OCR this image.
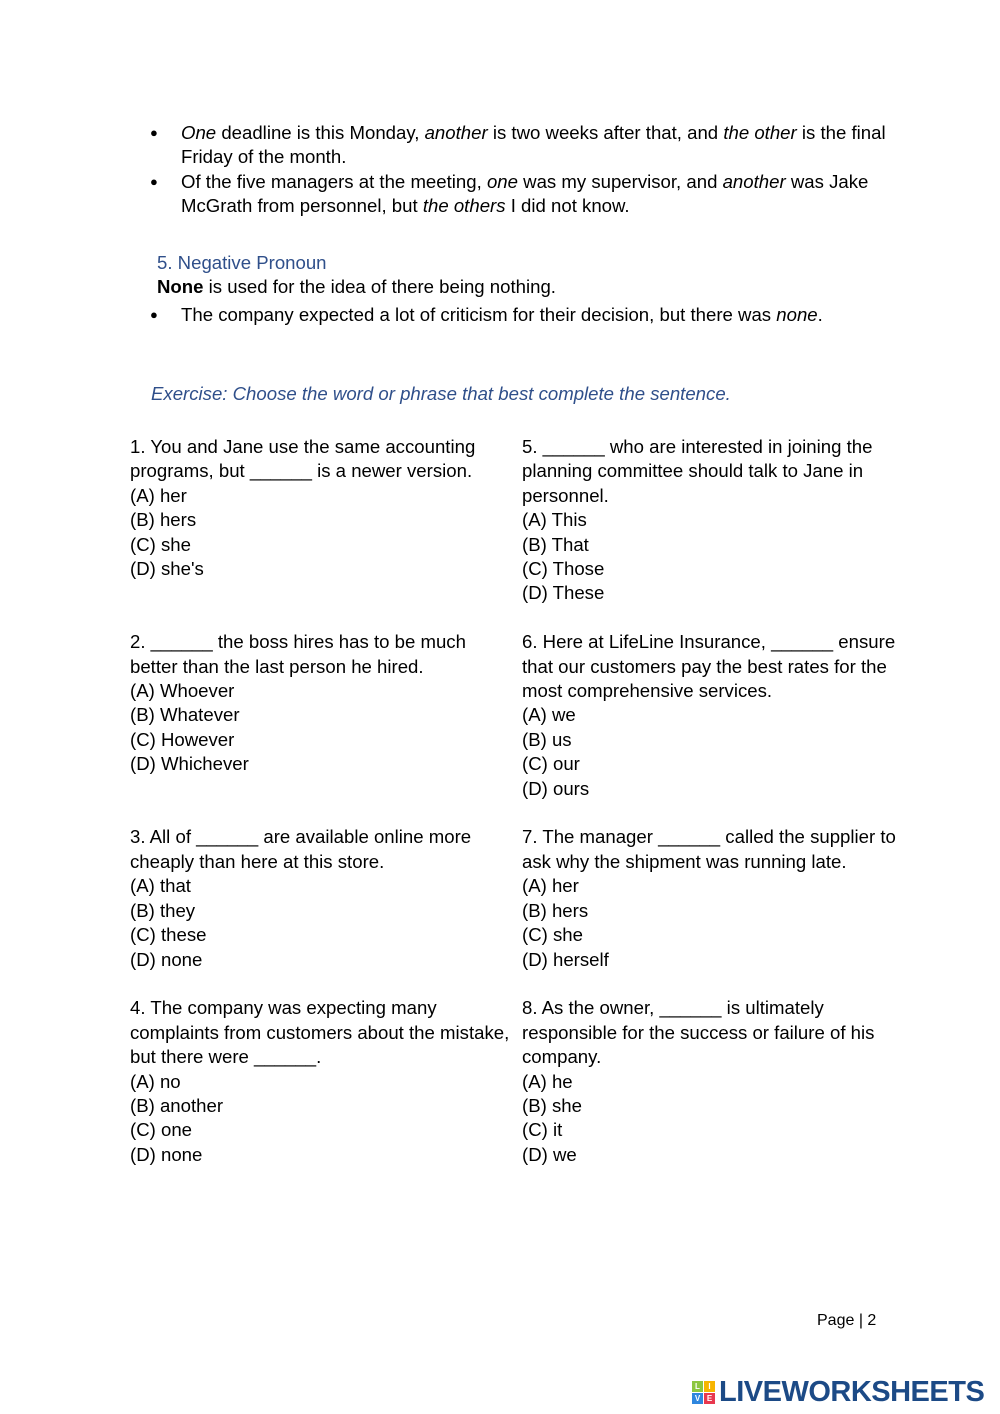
● One deadline is this Monday, another is two weeks after that, and the other is the final Friday of the month.
● Of the five managers at the meeting, one was my supervisor, and another was Jake McGrath from personnel, but the others I did not know.
5. Negative Pronoun
None is used for the idea of there being nothing.
● The company expected a lot of criticism for their decision, but there was none.
Exercise: Choose the word or phrase that best complete the sentence.
1. You and Jane use the same accounting programs, but ______ is a newer version.
(A) her
(B) hers
(C) she
(D) she's
5. ______ who are interested in joining the planning committee should talk to Jane in personnel.
(A) This
(B) That
(C) Those
(D) These
2. ______ the boss hires has to be much better than the last person he hired.
(A) Whoever
(B) Whatever
(C) However
(D) Whichever
6. Here at LifeLine Insurance, ______ ensure that our customers pay the best rates for the most comprehensive services.
(A) we
(B) us
(C) our
(D) ours
3. All of ______ are available online more cheaply than here at this store.
(A) that
(B) they
(C) these
(D) none
7. The manager ______ called the supplier to ask why the shipment was running late.
(A) her
(B) hers
(C) she
(D) herself
4. The company was expecting many complaints from customers about the mistake, but there were ______.
(A) no
(B) another
(C) one
(D) none
8. As the owner, ______ is ultimately responsible for the success or failure of his company.
(A) he
(B) she
(C) it
(D) we
Page | 2
L	I
V E LIVEWORKSHEETS
